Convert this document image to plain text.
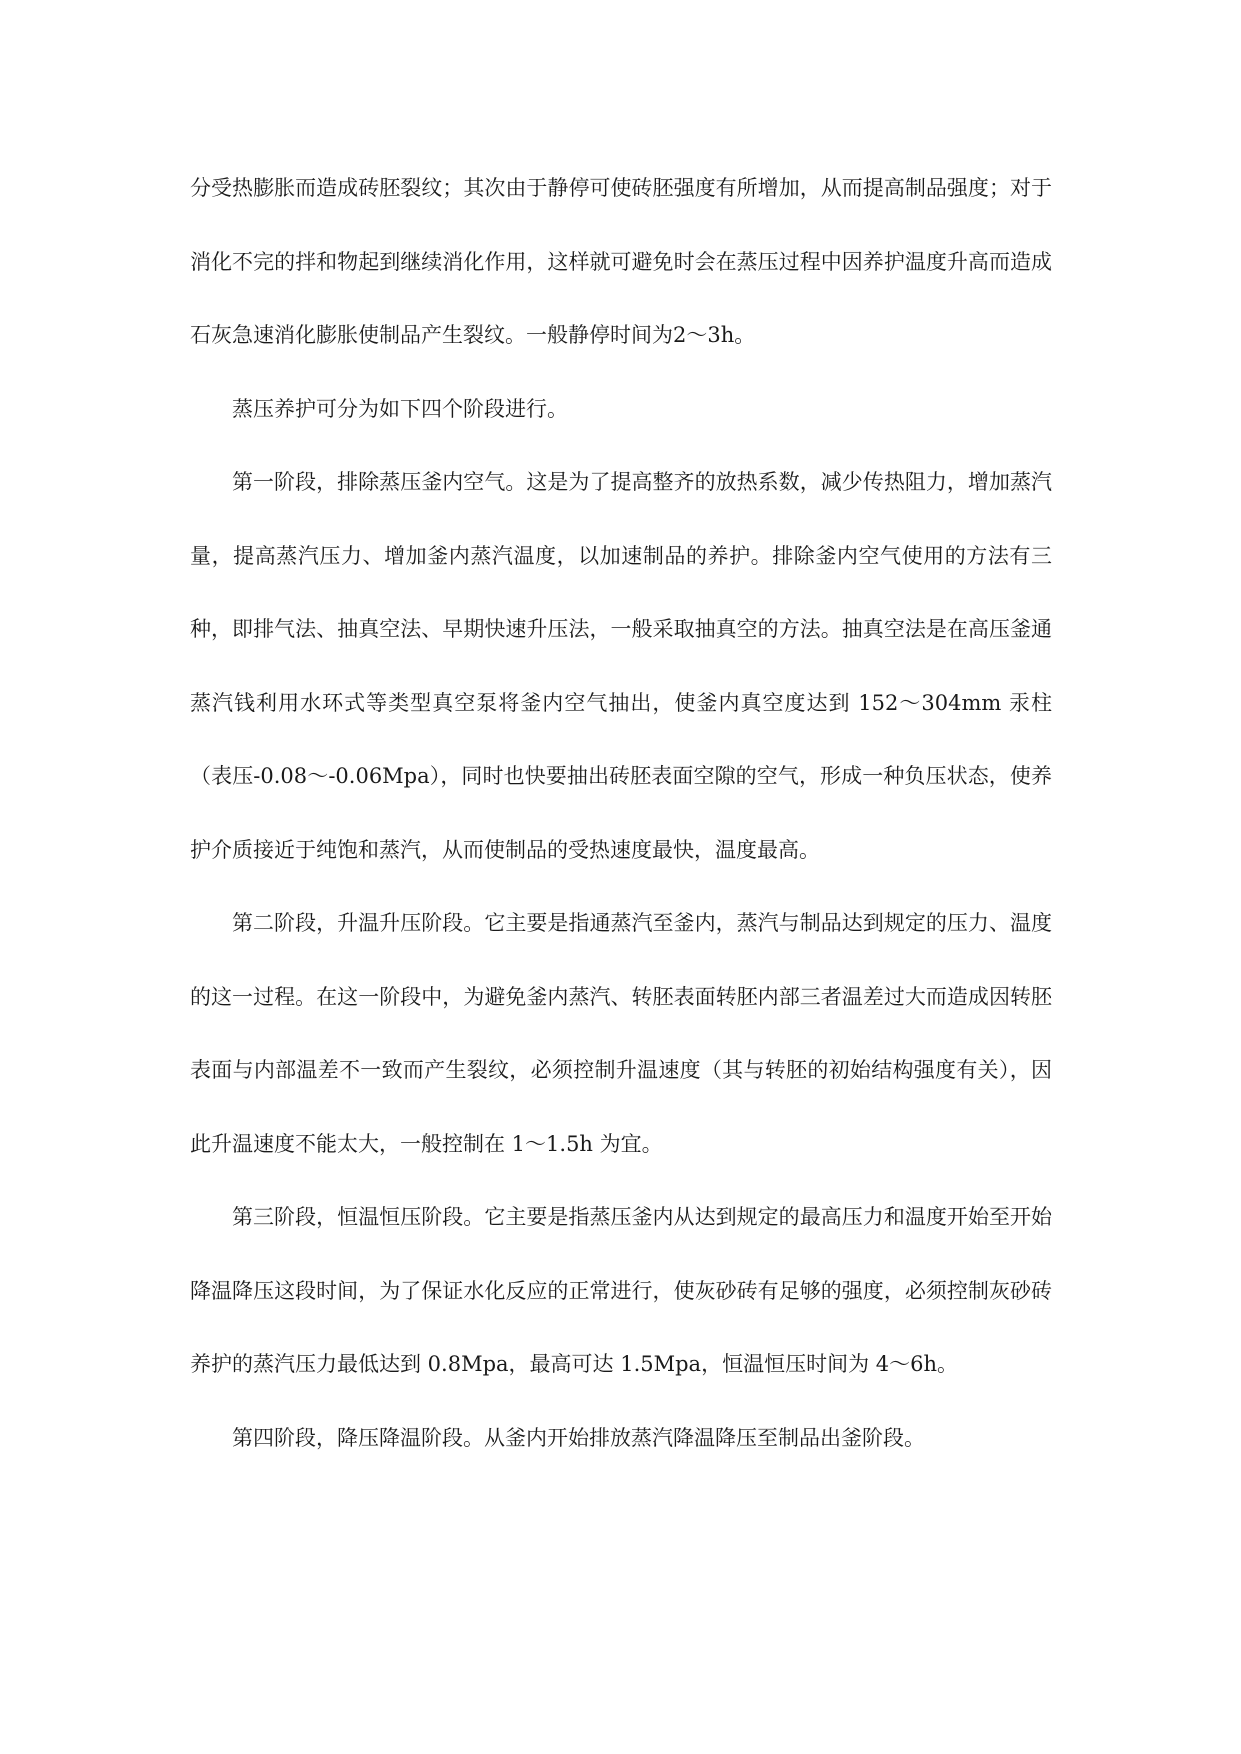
分受热膨胀而造成砖胚裂纹；其次由于静停可使砖胚强度有所增加，从而提高制品强度；对于消化不完的拌和物起到继续消化作用，这样就可避免时会在蒸压过程中因养护温度升高而造成石灰急速消化膨胀使制品产生裂纹。一般静停时间为2～3h。

蒸压养护可分为如下四个阶段进行。

第一阶段，排除蒸压釜内空气。这是为了提高整齐的放热系数，减少传热阻力，增加蒸汽量，提高蒸汽压力、增加釜内蒸汽温度，以加速制品的养护。排除釜内空气使用的方法有三种，即排气法、抽真空法、早期快速升压法，一般采取抽真空的方法。抽真空法是在高压釜通蒸汽钱利用水环式等类型真空泵将釜内空气抽出，使釜内真空度达到 152～304mm 汞柱（表压-0.08～-0.06Mpa），同时也快要抽出砖胚表面空隙的空气，形成一种负压状态，使养护介质接近于纯饱和蒸汽，从而使制品的受热速度最快，温度最高。

第二阶段，升温升压阶段。它主要是指通蒸汽至釜内，蒸汽与制品达到规定的压力、温度的这一过程。在这一阶段中，为避免釜内蒸汽、转胚表面转胚内部三者温差过大而造成因转胚表面与内部温差不一致而产生裂纹，必须控制升温速度（其与转胚的初始结构强度有关），因此升温速度不能太大，一般控制在 1～1.5h 为宜。

第三阶段，恒温恒压阶段。它主要是指蒸压釜内从达到规定的最高压力和温度开始至开始降温降压这段时间，为了保证水化反应的正常进行，使灰砂砖有足够的强度，必须控制灰砂砖养护的蒸汽压力最低达到 0.8Mpa，最高可达 1.5Mpa，恒温恒压时间为 4～6h。

第四阶段，降压降温阶段。从釜内开始排放蒸汽降温降压至制品出釜阶段。
